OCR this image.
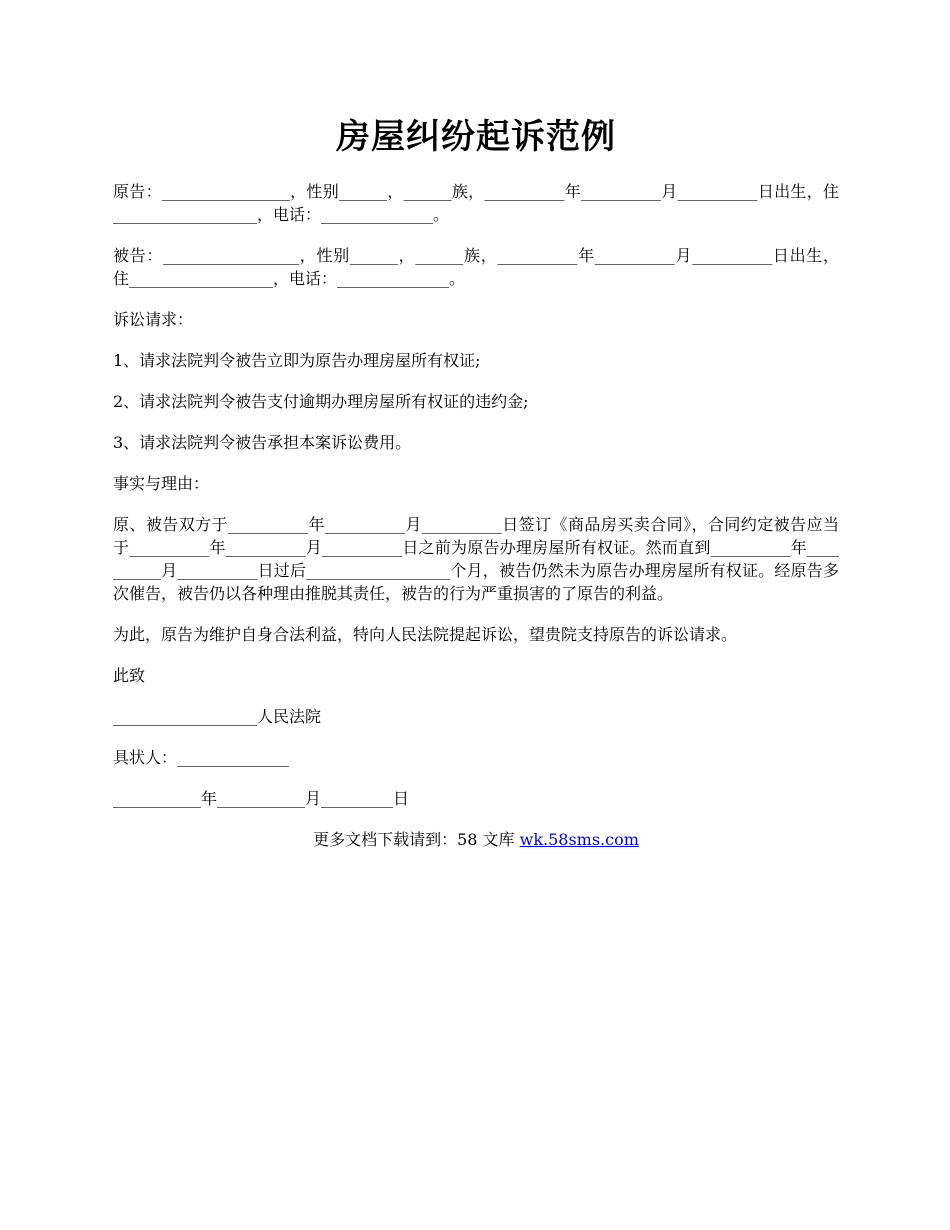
房屋纠纷起诉范例

原告：________________，性别______，______族，__________年__________月__________日出生，住__________________，电话：______________。

被告：_________________，性别______，______族，__________年__________月__________日出生，住__________________，电话：______________。

诉讼请求：

1、请求法院判令被告立即为原告办理房屋所有权证;

2、请求法院判令被告支付逾期办理房屋所有权证的违约金;

3、请求法院判令被告承担本案诉讼费用。

事实与理由：

原、被告双方于__________年__________月__________日签订《商品房买卖合同》，合同约定被告应当于__________年__________月__________日之前为原告办理房屋所有权证。然而直到__________年__________月__________日过后__________________个月，被告仍然未为原告办理房屋所有权证。经原告多次催告，被告仍以各种理由推脱其责任，被告的行为严重损害的了原告的利益。

为此，原告为维护自身合法利益，特向人民法院提起诉讼，望贵院支持原告的诉讼请求。

此致

__________________人民法院

具状人：______________

___________年___________月_________日

更多文档下载请到：58 文库 wk.58sms.com
